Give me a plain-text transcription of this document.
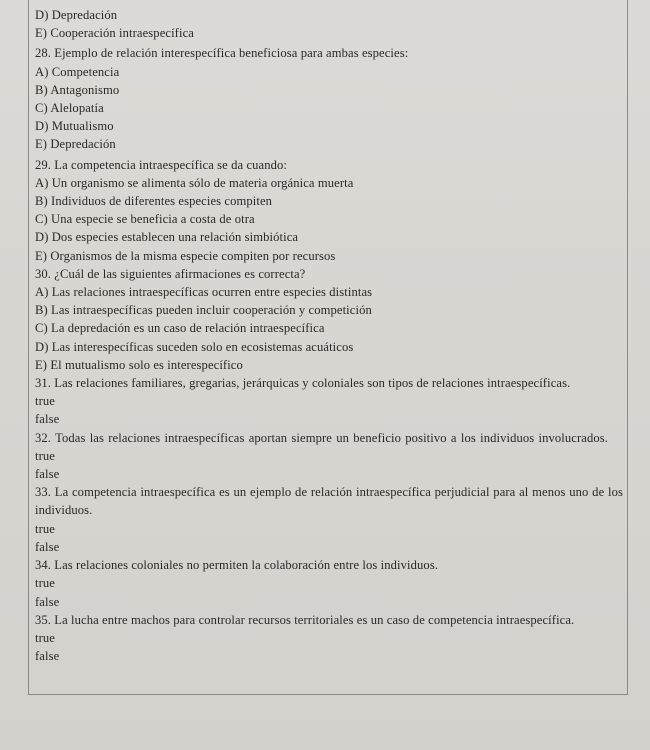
D) Depredación
E) Cooperación intraespecífica
28. Ejemplo de relación interespecífica beneficiosa para ambas especies:
A) Competencia
B) Antagonismo
C) Alelopatía
D) Mutualismo
E) Depredación
29. La competencia intraespecífica se da cuando:
A) Un organismo se alimenta sólo de materia orgánica muerta
B) Individuos de diferentes especies compiten
C) Una especie se beneficia a costa de otra
D) Dos especies establecen una relación simbiótica
E) Organismos de la misma especie compiten por recursos
30. ¿Cuál de las siguientes afirmaciones es correcta?
A) Las relaciones intraespecíficas ocurren entre especies distintas
B) Las intraespecíficas pueden incluir cooperación y competición
C) La depredación es un caso de relación intraespecífica
D) Las interespecíficas suceden solo en ecosistemas acuáticos
E) El mutualismo solo es interespecífico
31. Las relaciones familiares, gregarias, jerárquicas y coloniales son tipos de relaciones intraespecíficas.
true
false
32. Todas las relaciones intraespecíficas aportan siempre un beneficio positivo a los individuos involucrados.
true
false
33. La competencia intraespecífica es un ejemplo de relación intraespecífica perjudicial para al menos uno de los individuos.
true
false
34. Las relaciones coloniales no permiten la colaboración entre los individuos.
true
false
35. La lucha entre machos para controlar recursos territoriales es un caso de competencia intraespecífica.
true
false
